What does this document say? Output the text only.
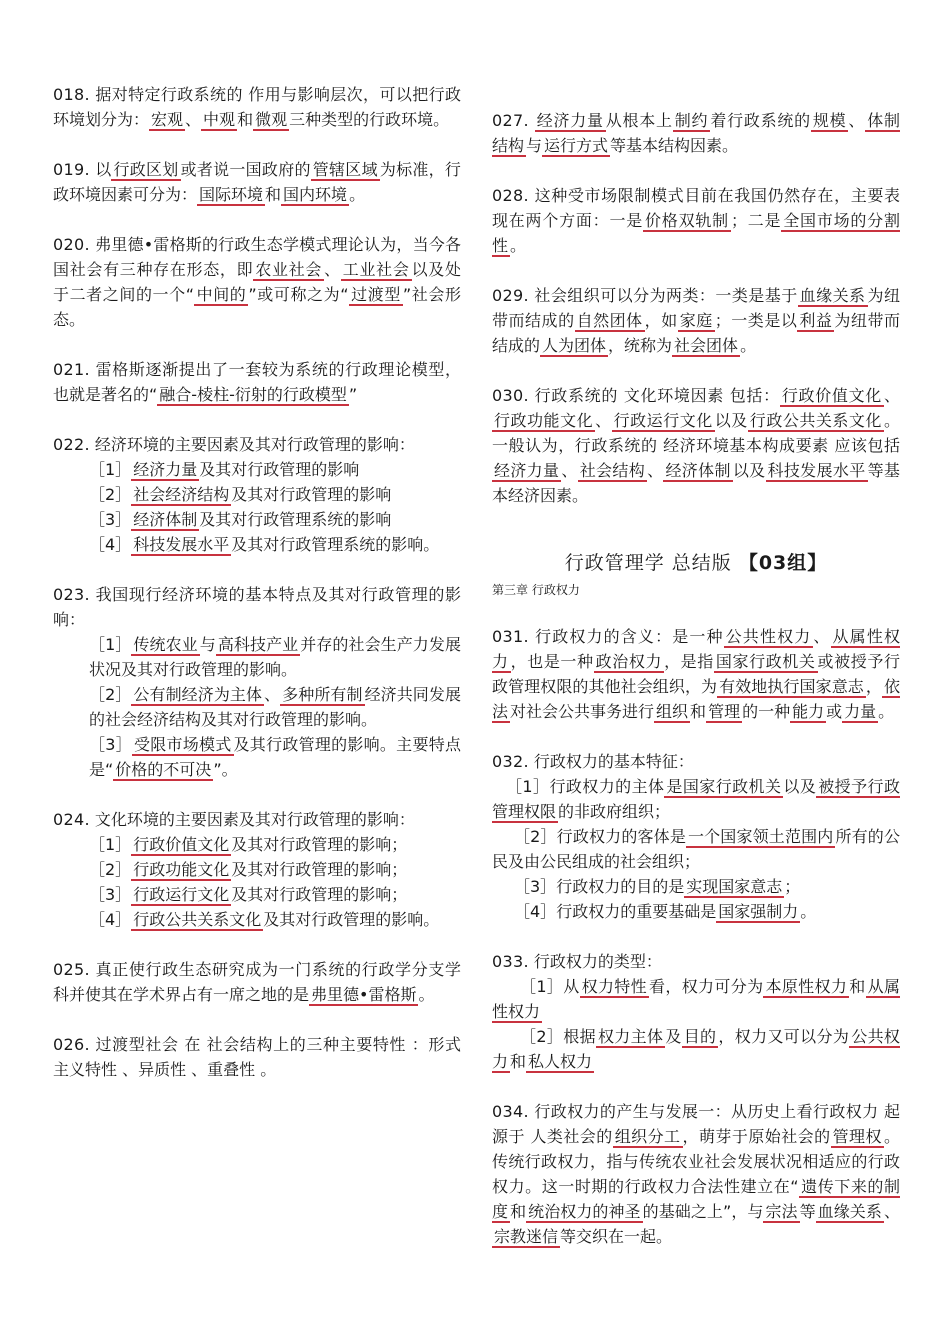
018. 据对特定行政系统的 作用与影响层次，可以把行政环境划分为： 宏观 、 中观 和 微观 三种类型的行政环境。
019. 以 行政区划 或者说一国政府的 管辖区域 为标准，行政环境因素可分为： 国际环境 和 国内环境 。
020. 弗里德•雷格斯的行政生态学模式理论认为，当今各国社会有三种存在形态，即 农业社会 、 工业社会 以及处于二者之间的一个“ 中间的 ”或可称之为“ 过渡型 ”社会形态。
021. 雷格斯逐渐提出了一套较为系统的行政理论模型，也就是著名的“ 融合-棱柱-衍射的行政模型 ”

022. 经济环境的主要因素及其对行政管理的影响：

［1］ 经济力量 及其对行政管理的影响

［2］ 社会经济结构 及其对行政管理的影响

［3］ 经济体制 及其对行政管理系统的影响

［4］ 科技发展水平 及其对行政管理系统的影响。

023. 我国现行经济环境的基本特点及其对行政管理的影响：

［1］ 传统农业 与 高科技产业 并存的社会生产力发展状况及其对行政管理的影响。

［2］ 公有制经济为主体 、 多种所有制 经济共同发展的社会经济结构及其对行政管理的影响。

［3］ 受限市场模式 及其行政管理的影响。主要特点是“ 价格的不可决 ”。

024. 文化环境的主要因素及其对行政管理的影响：

［1］ 行政价值文化 及其对行政管理的影响；

［2］ 行政功能文化 及其对行政管理的影响；

［3］ 行政运行文化 及其对行政管理的影响；

［4］ 行政公共关系文化 及其对行政管理的影响。

025. 真正使行政生态研究成为一门系统的行政学分支学科并使其在学术界占有一席之地的是 弗里德•雷格斯 。
026. 过渡型社会 在 社会结构上的三种主要特性 ：形式主义特性 、异质性 、重叠性 。
027. 经济力量 从根本上 制约 着行政系统的 规模 、 体制结构 与 运行方式 等基本结构因素。
028. 这种受市场限制模式目前在我国仍然存在，主要表现在两个方面：一是 价格双轨制 ；二是 全国市场的分割性 。
029. 社会组织可以分为两类：一类是基于 血缘关系 为纽带而结成的 自然团体 ，如 家庭 ；一类是以 利益 为纽带而结成的 人为团体 ，统称为 社会团体 。
030. 行政系统的 文化环境因素 包括： 行政价值文化 、行政功能文化 、 行政运行文化 以及 行政公共关系文化 。一般认为，行政系统的 经济环境基本构成要素 应该包括经济力量 、 社会结构 、 经济体制 以及 科技发展水平 等基本经济因素。
行政管理学 总结版 【03组】
第三章 行政权力
031. 行政权力的含义：是一种 公共性权力 、 从属性权力 ，也是一种 政治权力 ，是指 国家行政机关 或被授予行政管理权限的其他社会组织，为 有效地执行国家意志 ， 依法 对社会公共事务进行 组织 和 管理 的一种 能力 或 力量 。

032. 行政权力的基本特征：

［1］行政权力的主体 是国家行政机关 以及 被授予行政管理权限 的非政府组织；

［2］行政权力的客体是 一个国家领土范围内 所有的公民及由公民组成的社会组织；

［3］行政权力的目的是 实现国家意志 ；

［4］行政权力的重要基础是 国家强制力 。

033. 行政权力的类型：

［1］从 权力特性 看，权力可分为 本原性权力 和 从属性权力

［2］根据 权力主体 及 目的 ，权力又可以分为 公共权力 和 私人权力

034. 行政权力的产生与发展一：从历史上看行政权力 起源于 人类社会的 组织分工 ，萌芽于原始社会的 管理权 。传统行政权力，指与传统农业社会发展状况相适应的行政权力。这一时期的行政权力合法性建立在“ 遗传下来的制度 和 统治权力的神圣 的基础之上”，与 宗法 等 血缘关系 、宗教迷信 等交织在一起。
